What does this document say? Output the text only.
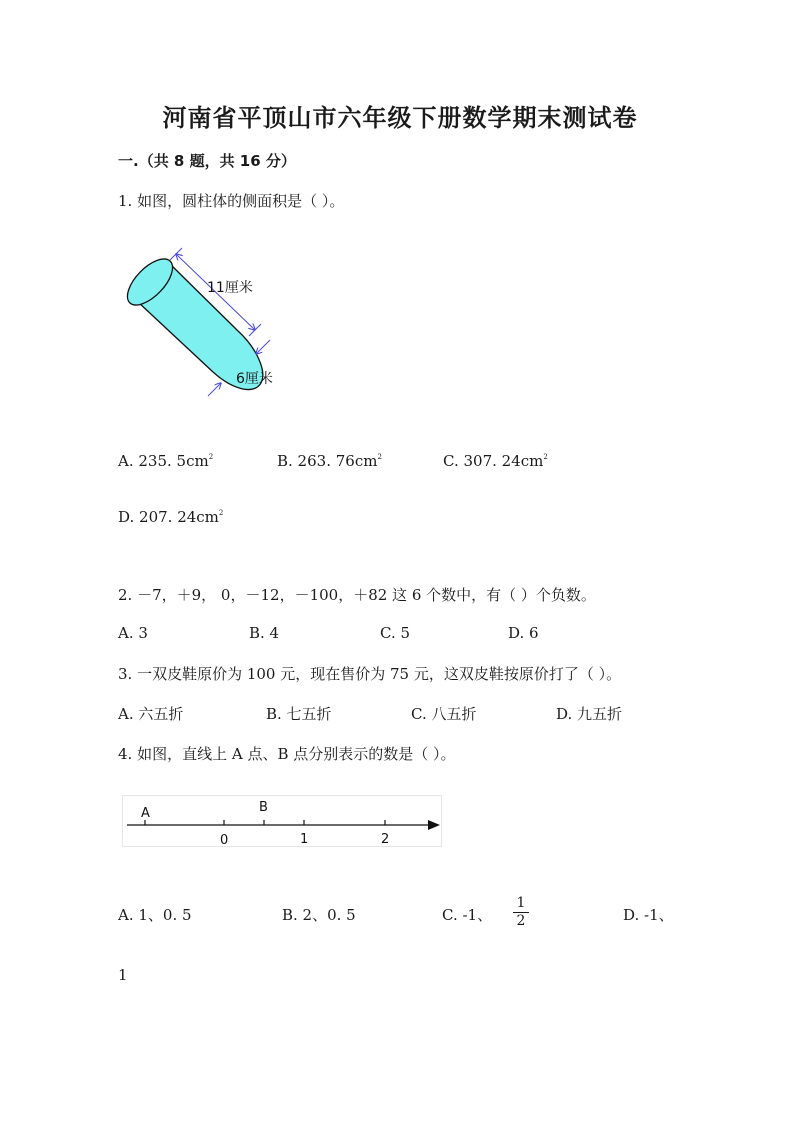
河南省平顶山市六年级下册数学期末测试卷
一.（共 8 题，共 16 分）
1. 如图，圆柱体的侧面积是（ ）。
11厘米
6厘米
A. 235. $5cm^2$	B. 263. $76cm^2$	C. 307. $24cm^2$
D. 207. $24cm^2$
2. －7，＋9， 0，－12，－100，＋82 这 6 个数中，有（ ）个负数。
A. 3	B. 4	C. 5	D. 6
3. 一双皮鞋原价为 100 元，现在售价为 75 元，这双皮鞋按原价打了（ ）。
A. 六五折	B. 七五折	C. 八五折	D. 九五折
4. 如图，直线上 A 点、B 点分别表示的数是（ ）。
A	B
0	1	2
A. 1、0. 5	B. 2、0. 5	C. -1、
1
2	D. -1、
1
